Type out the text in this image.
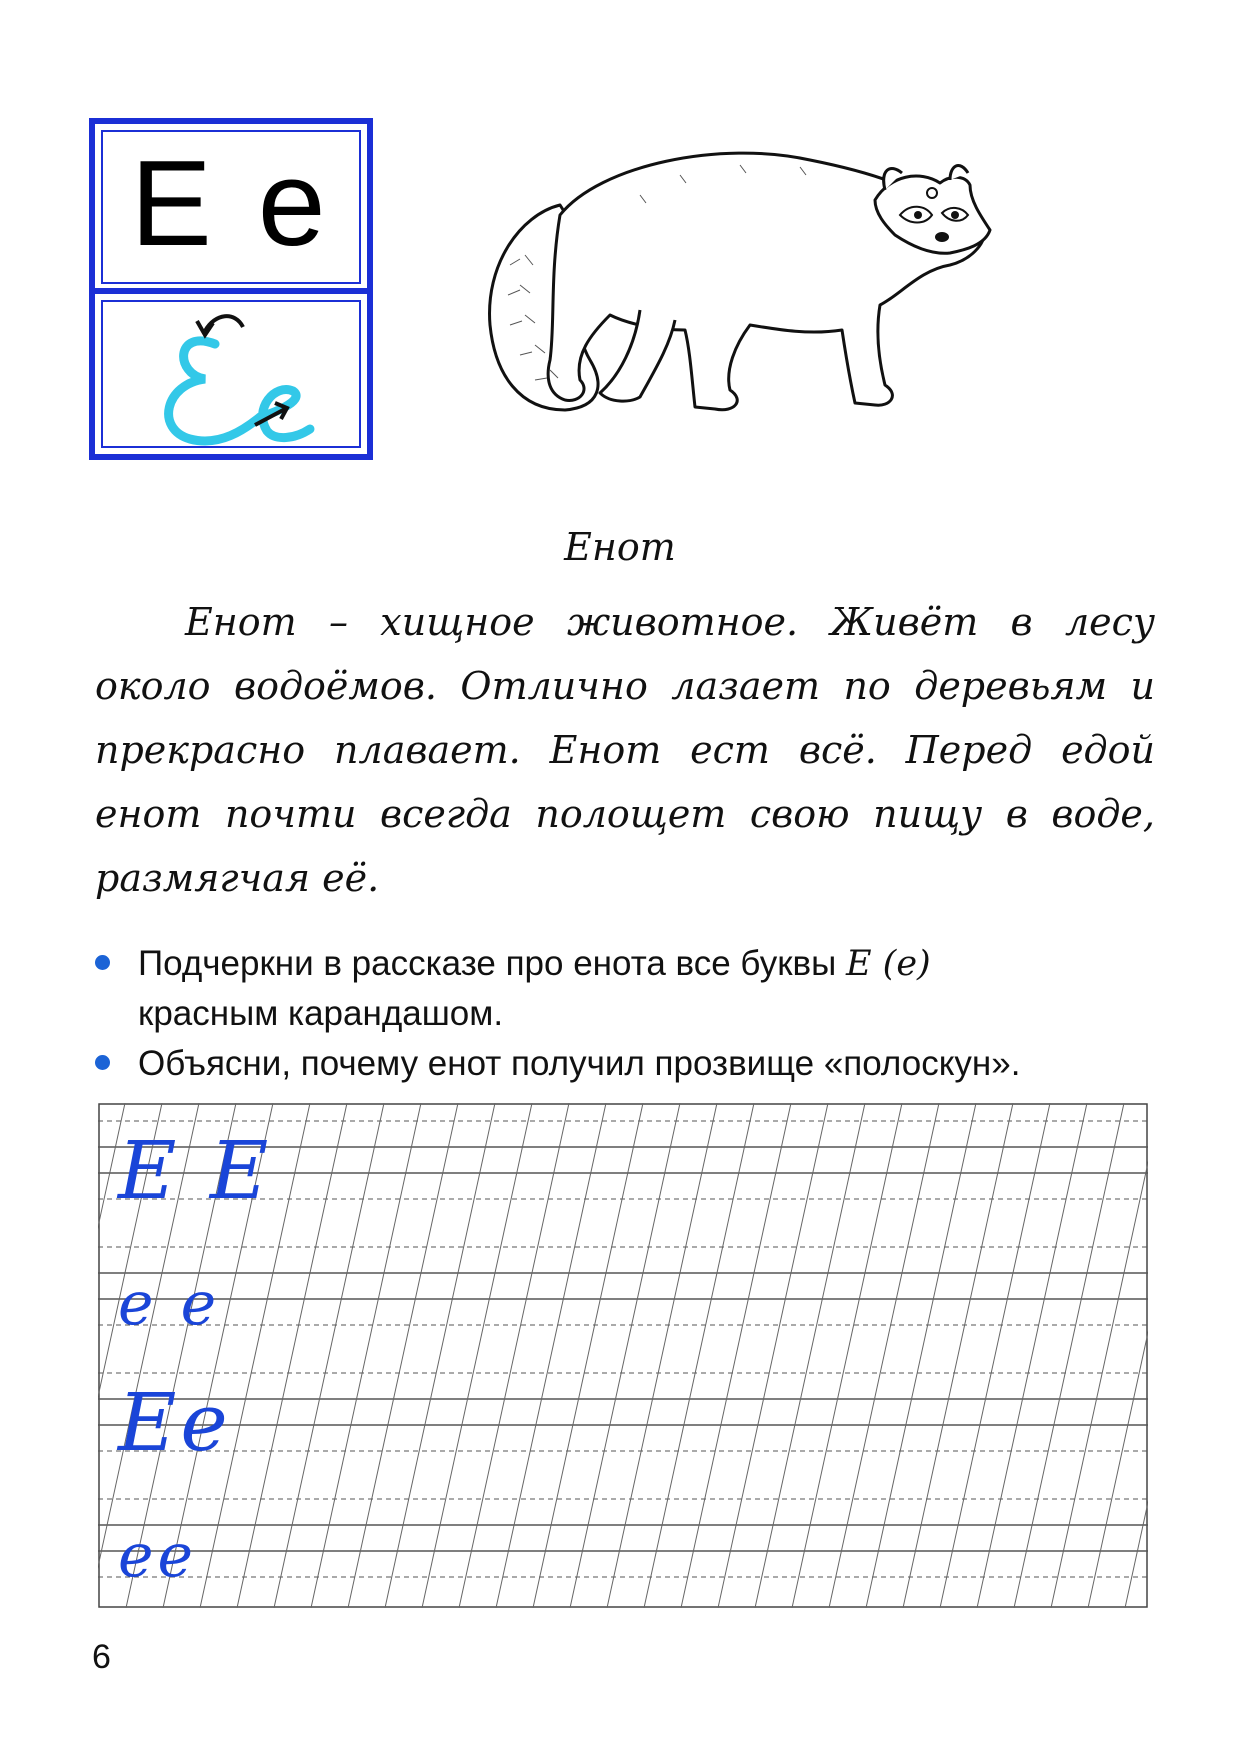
Е е
Енот
Енот – хищное животное. Живёт в лесу около водоёмов. Отлично лазает по деревьям и прекрасно плавает. Енот ест всё. Перед едой енот почти всегда полощет свою пищу в воде, размягчая её.
Подчеркни в рассказе про енота все буквы Е (е)
красным карандашом.
Объясни, почему енот получил прозвище «полоскун».
Е Е
е е
Ее
ее
6
